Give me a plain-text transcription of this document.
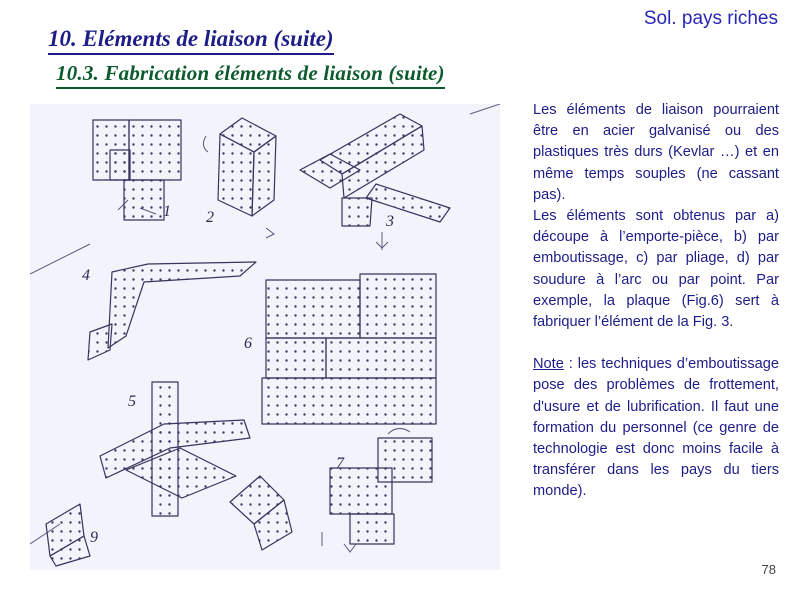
Sol. pays riches
10. Eléments de liaison (suite)
10.3. Fabrication éléments de liaison (suite)
1 2	3
4
5
6
7
9

Les éléments de liaison pourraient être en acier galvanisé ou des plastiques très durs (Kevlar …) et en même temps souples (ne cassant pas).

Les éléments sont obtenus par a) découpe à l’emporte-pièce, b) par emboutissage, c) par pliage, d) par soudure à l’arc ou par point. Par exemple, la plaque (Fig.6) sert à fabriquer l’élément de la Fig. 3.

Note : les techniques d’emboutissage pose des problèmes de frottement, d'usure et de lubrification. Il faut une formation du personnel (ce genre de technologie est donc moins facile à transférer dans les pays du tiers monde).

78
